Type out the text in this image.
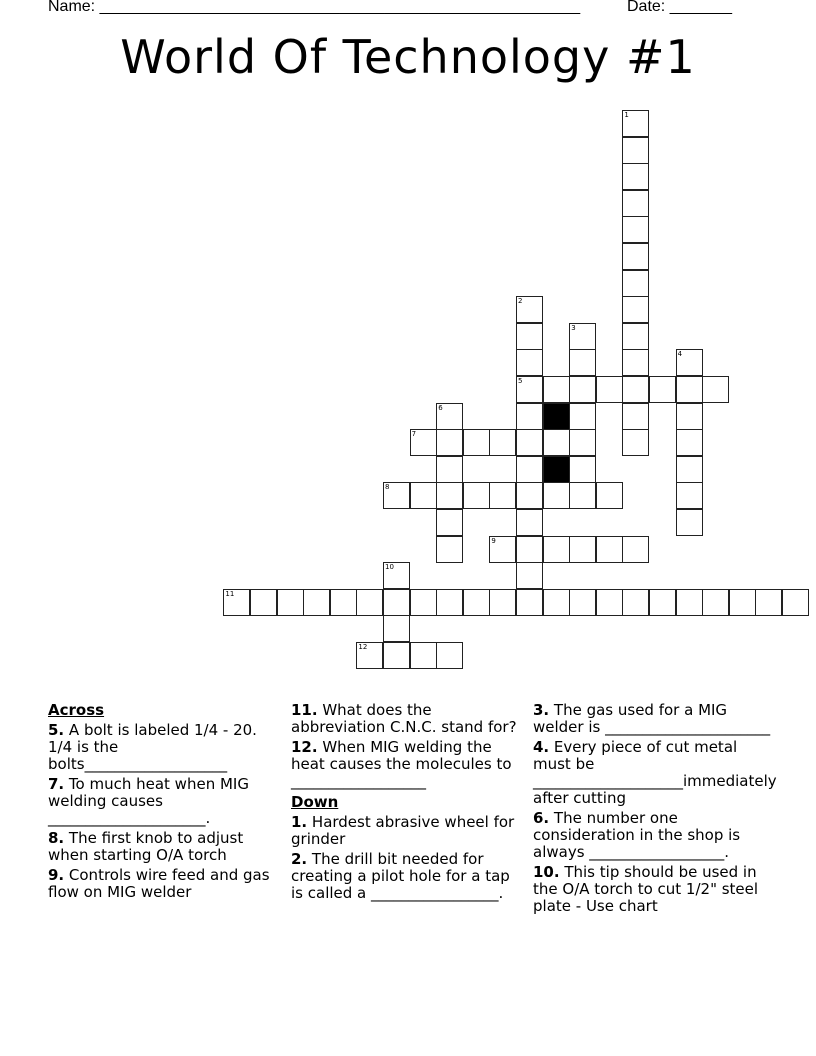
Name: ______________________________________________________	Date: _______
World Of Technology #1
1
2
3
4
5
6
7
8
9
10
11
12
Across
5. A bolt is labeled 1/4 - 20. 1/4 is the bolts___________________
7. To much heat when MIG welding causes _____________________.
8. The first knob to adjust when starting O/A torch
9. Controls wire feed and gas flow on MIG welder
11. What does the abbreviation C.N.C. stand for?
12. When MIG welding the heat causes the molecules to __________________
Down
1. Hardest abrasive wheel for grinder
2. The drill bit needed for creating a pilot hole for a tap is called a _________________.
3. The gas used for a MIG welder is ______________________
4. Every piece of cut metal must be ____________________immediately after cutting
6. The number one consideration in the shop is always __________________.
10. This tip should be used in the O/A torch to cut 1/2" steel plate - Use chart
